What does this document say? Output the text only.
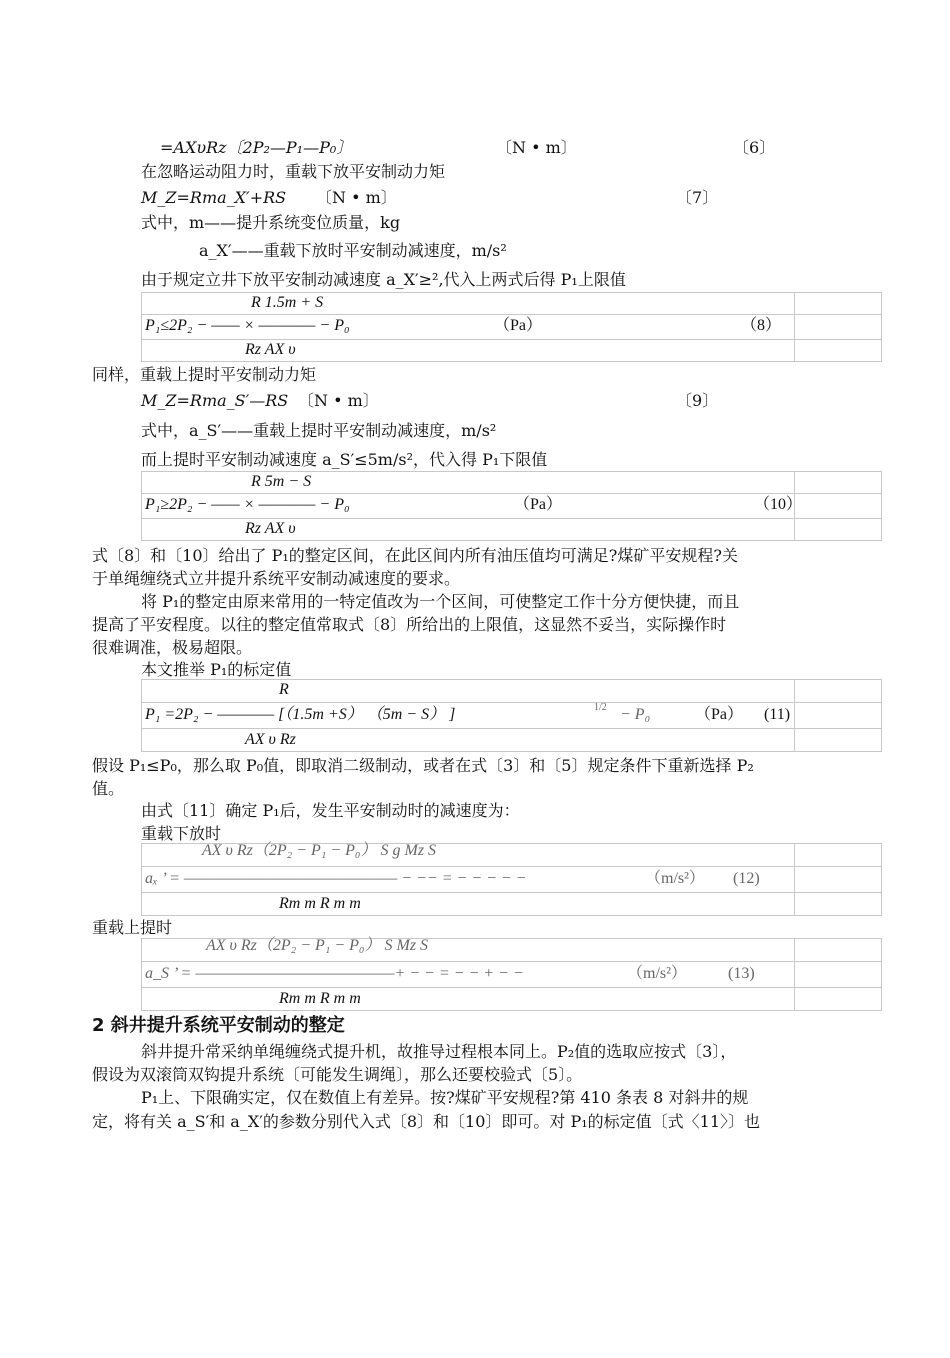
=AXυRz〔2P₂—P₁—P₀〕	〔N • m〕	〔6〕
在忽略运动阻力时，重载下放平安制动力矩
M_Z=Rma_X′+RS 〔N • m〕	〔7〕
式中，m——提升系统变位质量，kg
a_X′——重载下放时平安制动减速度，m/s²
由于规定立井下放平安制动减速度 a_X′≥²,代入上两式后得 P₁上限值
R 1.5m + S
P₁≤2P₂ − —— × ———— − P₀	（Pa）	（8）
Rz AX υ
同样，重载上提时平安制动力矩
M_Z=Rma_S′—RS 〔N • m〕	〔9〕
式中，a_S′——重载上提时平安制动减速度，m/s²
而上提时平安制动减速度 a_S′≤5m/s²，代入得 P₁下限值
R 5m − S
P₁≥2P₂ − —— × ———— − P₀	（Pa）	（10）
Rz AX υ
式〔8〕和〔10〕给出了 P₁的整定区间，在此区间内所有油压值均可满足?煤矿平安规程?关
于单绳缠绕式立井提升系统平安制动减速度的要求。
将 P₁的整定由原来常用的一特定值改为一个区间，可使整定工作十分方便快捷，而且
提高了平安程度。以往的整定值常取式〔8〕所给出的上限值，这显然不妥当，实际操作时
很难调准，极易超限。
本文推举 P₁的标定值
R
P₁ =2P₂ − ———— [（1.5m +S） （5m − S） ]	1/2 − P₀	（Pa） (11)
AX υ Rz
假设 P₁≤P₀，那么取 P₀值，即取消二级制动，或者在式〔3〕和〔5〕规定条件下重新选择 P₂
值。
由式〔11〕确定 P₁后，发生平安制动时的减速度为：
重载下放时
AX υ Rz（2P₂ − P₁ − P₀） S g Mz S
aₓ ’ = ——————————————— − −− = − − − − −	（m/s²） (12)
Rm m R m m
重载上提时
AX υ Rz（2P₂ − P₁ − P₀） S Mz S
a_S ’ = ——————————————+ − − = − − + − −	（m/s²）	(13)
Rm m R m m
2 斜井提升系统平安制动的整定
斜井提升常采纳单绳缠绕式提升机，故推导过程根本同上。P₂值的选取应按式〔3〕，
假设为双滚筒双钩提升系统〔可能发生调绳〕，那么还要校验式〔5〕。
P₁上、下限确实定，仅在数值上有差异。按?煤矿平安规程?第 410 条表 8 对斜井的规
定，将有关 a_S′和 a_X′的参数分别代入式〔8〕和〔10〕即可。对 P₁的标定值〔式〈11〉〕也
